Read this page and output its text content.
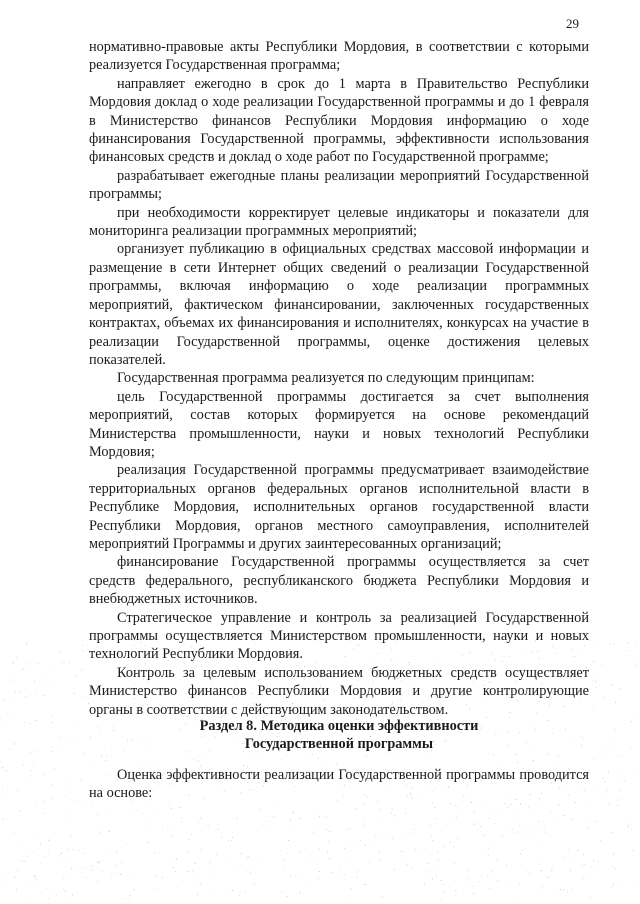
29

нормативно-правовые акты Республики Мордовия, в соответствии с которыми реализуется Государственная программа;

направляет ежегодно в срок до 1 марта в Правительство Республики Мордовия доклад о ходе реализации Государственной программы и до 1 февраля в Министерство финансов Республики Мордовия информацию о ходе финансирования Государственной программы, эффективности использования финансовых средств и доклад о ходе работ по Государственной программе;

разрабатывает ежегодные планы реализации мероприятий Государственной программы;

при необходимости корректирует целевые индикаторы и показатели для мониторинга реализации программных мероприятий;

организует публикацию в официальных средствах массовой информации и размещение в сети Интернет общих сведений о реализации Государственной программы, включая информацию о ходе реализации программных мероприятий, фактическом финансировании, заключенных государственных контрактах, объемах их финансирования и исполнителях, конкурсах на участие в реализации Государственной программы, оценке достижения целевых показателей.

Государственная программа реализуется по следующим принципам:

цель Государственной программы достигается за счет выполнения мероприятий, состав которых формируется на основе рекомендаций Министерства промышленности, науки и новых технологий Республики Мордовия;

реализация Государственной программы предусматривает взаимодействие территориальных органов федеральных органов исполнительной власти в Республике Мордовия, исполнительных органов государственной власти Республики Мордовия, органов местного самоуправления, исполнителей мероприятий Программы и других заинтересованных организаций;

финансирование Государственной программы осуществляется за счет средств федерального, республиканского бюджета Республики Мордовия и внебюджетных источников.

Стратегическое управление и контроль за реализацией Государственной программы осуществляется Министерством промышленности, науки и новых технологий Республики Мордовия.

Контроль за целевым использованием бюджетных средств осуществляет Министерство финансов Республики Мордовия и другие контролирующие органы в соответствии с действующим законодательством.

Раздел 8. Методика оценки эффективности
Государственной программы

Оценка эффективности реализации Государственной программы проводится на основе:
